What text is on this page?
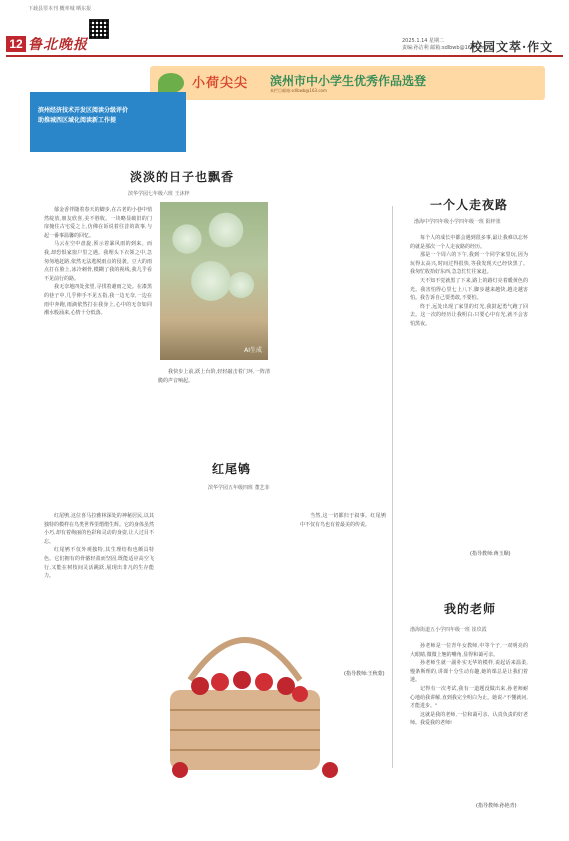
下载县票本刊 概率城 晒东报
12 鲁北晚报	2025.1.14 星期二
责编:孙洁利 邮箱:sdlbwb@163.com
校园文萃·作文
小荷尖尖 滨州市中小学生优秀作品选登
本栏目邮箱:sdlbwb@163.com
滨州经济技术开发区阅读分级评价
助推城西区域化阅读新工作提
淡淡的日子也飘香
滨华学园七年级六班 王沐梓

郁金香伴随着春天的脚步,在古老的小巷中悄然绽放,朋友欣喜,美不胜收。一块略显破旧的门扉掩住古宅爱之上,仿佛在诉说着往昔的故事,与起一番事温馨的回忆。

马云在空中盘旋,预示着暴风雨的到来。而我,却恐惧家窗户里之遇。我埋头下衣领之中,急匆匆地赶路,依然无法逃脱雨点的侵袭。豆大的雨点打在脸上,冰冷刺骨,模糊了我的视线,我几乎看不见前行的路。

我无奈地四处张望,寻找着避雨之处。在漆黑的巷子中,几乎伸手不见五指,我一边无奈,一边在雨中奔跑,雨滴依然打在我身上,心中的无奈如同潮水般涌来,心情十分低落。

AI生成

我快步上前,跃上台阶,轻轻敲击着门环,一阵清脆的声音响起。

红尾鸲
滨华学园五年级四班 董艺菲

红尾鸲,这位喜马拉雅林深处的神秘居民,以其独特的模样在鸟类世界里熠熠生辉。它的身体虽然小巧,却有着绚丽的色彩和灵动的身姿,让人过目不忘。

红尾鸲不仅外观独特,其生理结构也颇具特色。它们拥有的骨骼轻盈而坚固,既能适应高空飞行,又能在树枝间灵活跳跃,展现出非凡的生存能力。

当然,这一切都归于叙事。红尾鸲中不仅有鸟也有着最美的传说。

(指导教师:王秋蒙)
一个人走夜路
渤海中学四年级小学四年级一班 阳梓墨

每个人的成长中都会遇到很多事,最让我难以忘怀的就是那次一个人走夜路的经历。

那是一个周六的下午,我到一个同学家里玩,因为玩得太高兴,时间过得很快,等我发现天已经快黑了。我匆忙收拾好东西,急急忙忙往家赶。

天不知不觉就黑了下来,路上的路灯亮着暖黄色的光。我害怕得心里七上八下,脚步越来越快,越走越害怕。我告诉自己要勇敢,不要怕。

终于,远处出现了家里的灯光,我鼓起勇气跑了回去。这一次的经历让我明白:只要心中有光,就不会害怕黑夜。

(指导教师:蒋玉顺)
我的老师
渤海街道五小学四年级一班 崔玖霞

孙老师是一位青年女教师,中等个子,一双明亮的大眼睛,微微上翘的嘴角,显得和蔼可亲。

孙老师生就一副朴实无华的模样,说起话来温柔,慢条斯理的,讲课十分生动有趣,她的课总是让我们着迷。

记得有一次考试,我有一道题没做出来,孙老师耐心地给我讲解,直到我完全明白为止。她说:"不懂就问,才能进步。"

这就是我的老师,一位和蔼可亲、认真负责的好老师。我爱我的老师!

(指导教师:孙艳青)
